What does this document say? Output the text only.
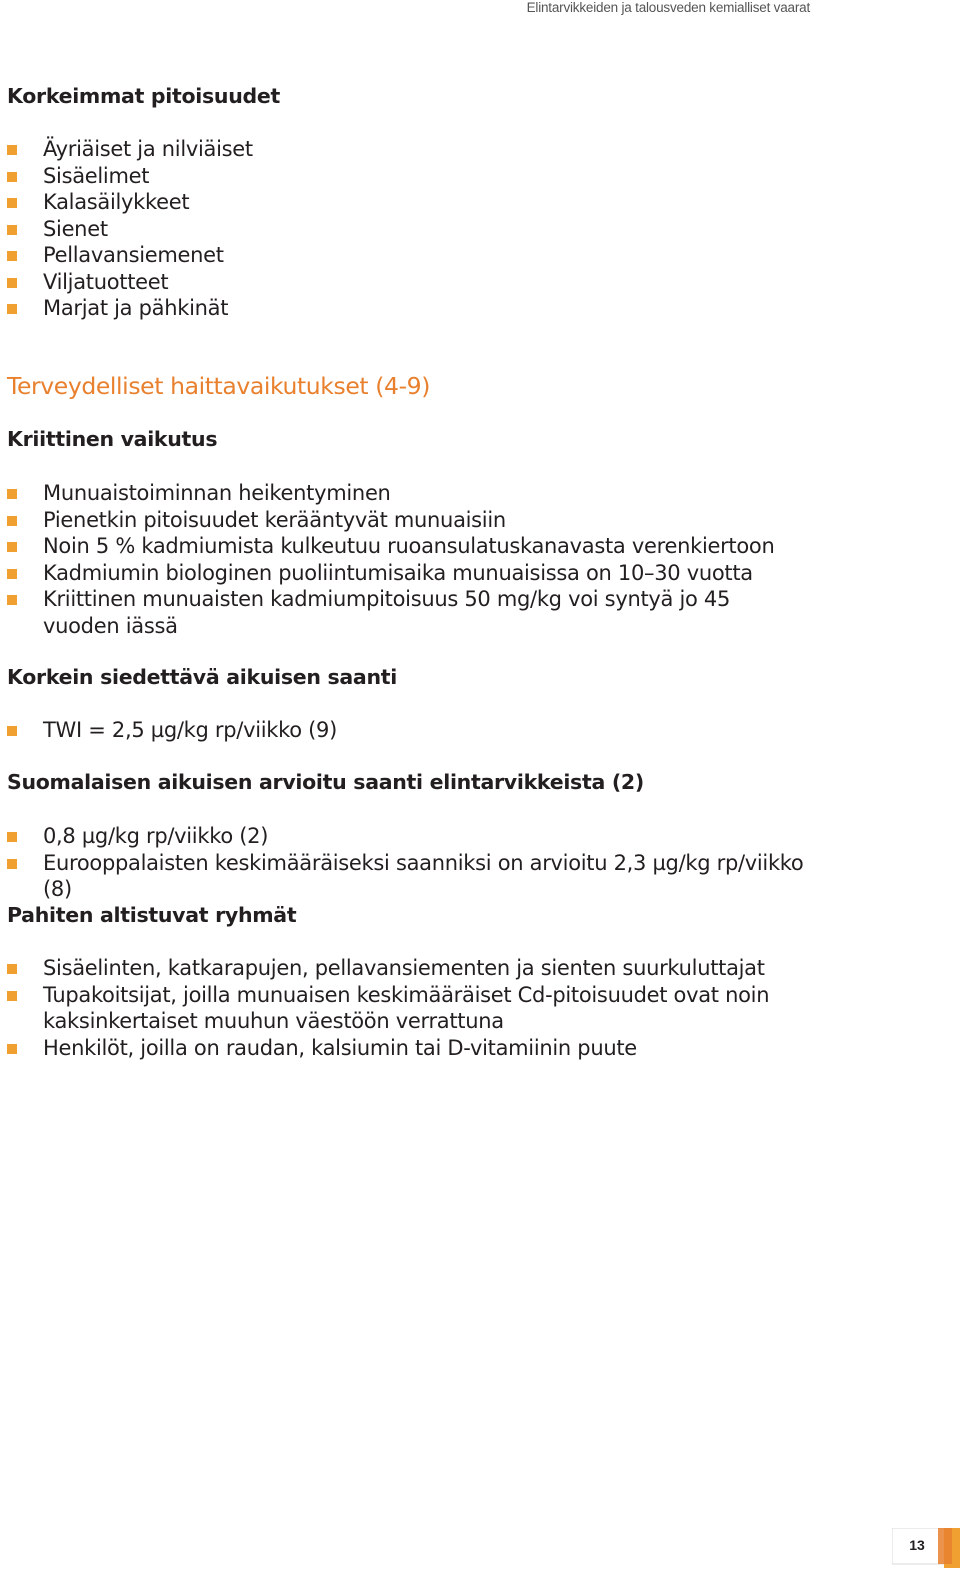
Elintarvikkeiden ja talousveden kemialliset vaarat
Korkeimmat pitoisuudet
Äyriäiset ja nilviäiset
Sisäelimet
Kalasäilykkeet
Sienet
Pellavansiemenet
Viljatuotteet
Marjat ja pähkinät
Terveydelliset haittavaikutukset (4-9)
Kriittinen vaikutus
Munuaistoiminnan heikentyminen
Pienetkin pitoisuudet kerääntyvät munuaisiin
Noin 5 % kadmiumista kulkeutuu ruoansulatuskanavasta verenkiertoon
Kadmiumin biologinen puoliintumisaika munuaisissa on 10–30 vuotta
Kriittinen munuaisten kadmiumpitoisuus 50 mg/kg voi syntyä jo 45 vuoden iässä
Korkein siedettävä aikuisen saanti
TWI = 2,5 µg/kg rp/viikko (9)
Suomalaisen aikuisen arvioitu saanti elintarvikkeista (2)
0,8 µg/kg rp/viikko (2)
Eurooppalaisten keskimääräiseksi saanniksi on arvioitu 2,3 µg/kg rp/viikko (8)
Pahiten altistuvat ryhmät
Sisäelinten, katkarapujen, pellavansiementen ja sienten suurkuluttajat
Tupakoitsijat, joilla munuaisen keskimääräiset Cd-pitoisuudet ovat noin kaksinkertaiset muuhun väestöön verrattuna
Henkilöt, joilla on raudan, kalsiumin tai D-vitamiinin puute
13
